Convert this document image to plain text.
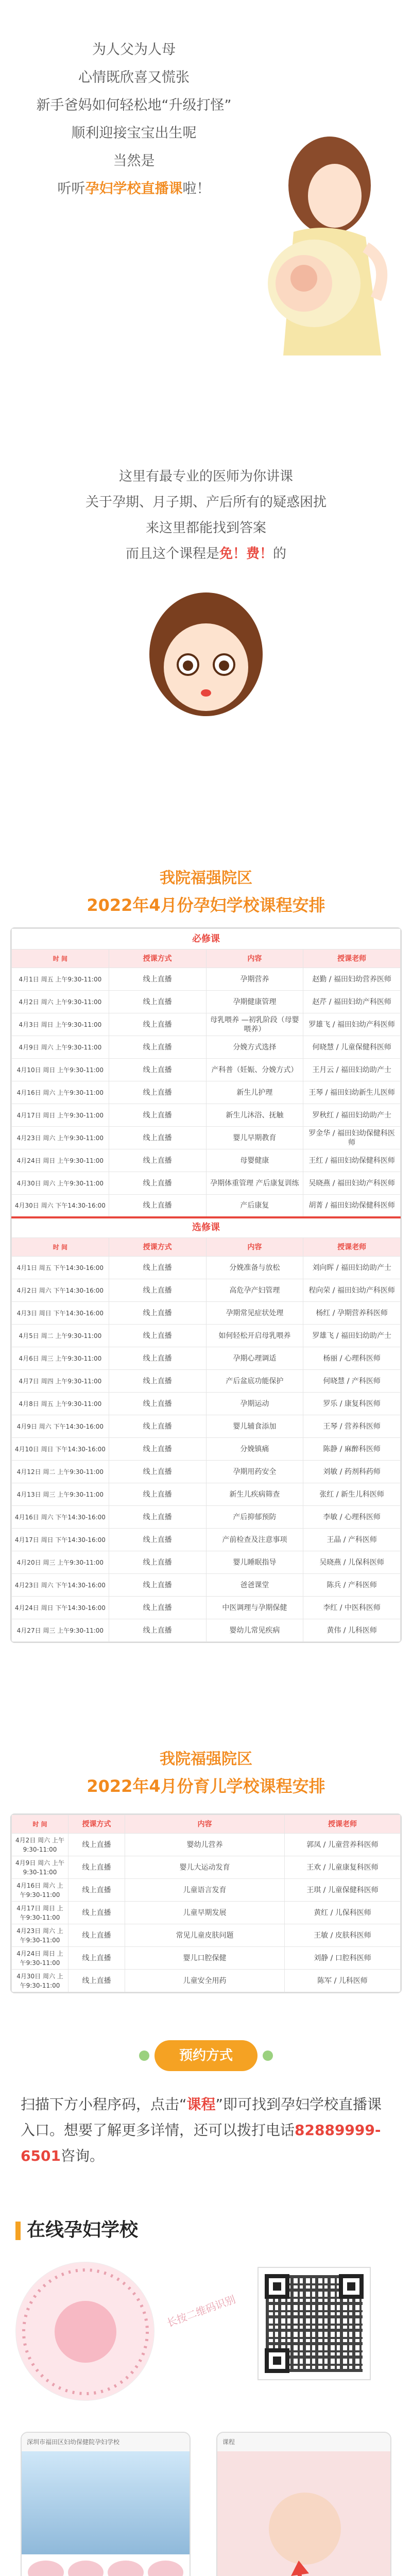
为人父为人母

心情既欣喜又慌张

新手爸妈如何轻松地“升级打怪”

顺利迎接宝宝出生呢

当然是

听听孕妇学校直播课啦！

这里有最专业的医师为你讲课

关于孕期、月子期、产后所有的疑惑困扰

来这里都能找到答案

而且这个课程是免！费！的

我院福强院区
2022年4月份孕妇学校课程安排
必修课			
时 间	授课方式	内容	授课老师
4月1日 周五 上午9:30-11:00	线上直播	孕期营养	赵勤 / 福田妇幼营养医师
4月2日 周六 上午9:30-11:00	线上直播	孕期健康管理	赵芹 / 福田妇幼产科医师
4月3日 周日 上午9:30-11:00	线上直播	母乳喂养 —初乳阶段（母婴喂养）	罗雄飞 / 福田妇幼产科医师
4月9日 周六 上午9:30-11:00	线上直播	分娩方式选择	何晓慧 / 儿童保健科医师
4月10日 周日 上午9:30-11:00	线上直播	产科普（妊娠、分娩方式）	王月云 / 福田妇幼助产士
4月16日 周六 上午9:30-11:00	线上直播	新生儿护理	王琴 / 福田妇幼新生儿医师
4月17日 周日 上午9:30-11:00	线上直播	新生儿沐浴、抚触	罗秋红 / 福田妇幼助产士
4月23日 周六 上午9:30-11:00	线上直播	婴儿早期教育	罗金华 / 福田妇幼保健科医师
4月24日 周日 上午9:30-11:00	线上直播	母婴健康	王红 / 福田妇幼保健科医师
4月30日 周六 上午9:30-11:00	线上直播	孕期体重管理 产后康复训练	吴晓燕 / 福田妇幼产科医师
4月30日 周六 下午14:30-16:00	线上直播	产后康复	胡菁 / 福田妇幼保健科医师
选修课			
时 间	授课方式	内容	授课老师
4月1日 周五 下午14:30-16:00	线上直播	分娩准备与放松	刘向晖 / 福田妇幼助产士
4月2日 周六 下午14:30-16:00	线上直播	高危孕产妇管理	程向荣 / 福田妇幼产科医师
4月3日 周日 下午14:30-16:00	线上直播	孕期常见症状处理	杨红 / 孕期营养科医师
4月5日 周二 上午9:30-11:00	线上直播	如何轻松开启母乳喂养	罗雄飞 / 福田妇幼助产士
4月6日 周三 上午9:30-11:00	线上直播	孕期心理调适	杨丽 / 心理科医师
4月7日 周四 上午9:30-11:00	线上直播	产后盆底功能保护	何晓慧 / 产科医师
4月8日 周五 上午9:30-11:00	线上直播	孕期运动	罗乐 / 康复科医师
4月9日 周六 下午14:30-16:00	线上直播	婴儿辅食添加	王琴 / 营养科医师
4月10日 周日 下午14:30-16:00	线上直播	分娩镇痛	陈静 / 麻醉科医师
4月12日 周二 上午9:30-11:00	线上直播	孕期用药安全	刘敏 / 药剂科药师
4月13日 周三 上午9:30-11:00	线上直播	新生儿疾病筛查	张红 / 新生儿科医师
4月16日 周六 下午14:30-16:00	线上直播	产后抑郁预防	李敏 / 心理科医师
4月17日 周日 下午14:30-16:00	线上直播	产前检查及注意事项	王晶 / 产科医师
4月20日 周三 上午9:30-11:00	线上直播	婴儿睡眠指导	吴晓燕 / 儿保科医师
4月23日 周六 下午14:30-16:00	线上直播	爸爸课堂	陈兵 / 产科医师
4月24日 周日 下午14:30-16:00	线上直播	中医调理与孕期保健	李红 / 中医科医师
4月27日 周三 上午9:30-11:00	线上直播	婴幼儿常见疾病	黄伟 / 儿科医师
我院福强院区
2022年4月份育儿学校课程安排
时 间	授课方式	内容	授课老师
4月2日 周六 上午9:30-11:00	线上直播	婴幼儿营养	郭凤 / 儿童营养科医师
4月9日 周六 上午9:30-11:00	线上直播	婴儿大运动发育	王欢 / 儿童康复科医师
4月16日 周六 上午9:30-11:00	线上直播	儿童语言发育	王琪 / 儿童保健科医师
4月17日 周日 上午9:30-11:00	线上直播	儿童早期发展	黄红 / 儿保科医师
4月23日 周六 上午9:30-11:00	线上直播	常见儿童皮肤问题	王敏 / 皮肤科医师
4月24日 周日 上午9:30-11:00	线上直播	婴儿口腔保健	刘静 / 口腔科医师
4月30日 周六 上午9:30-11:00	线上直播	儿童安全用药	陈军 / 儿科医师
预约方式
扫描下方小程序码，点击“课程”即可找到孕妇学校直播课入口。想要了解更多详情，还可以拨打电话82889999-6501咨询。
在线孕妇学校
长按二维码识别
深圳市福田区妇幼保健院孕妇学校	课程
